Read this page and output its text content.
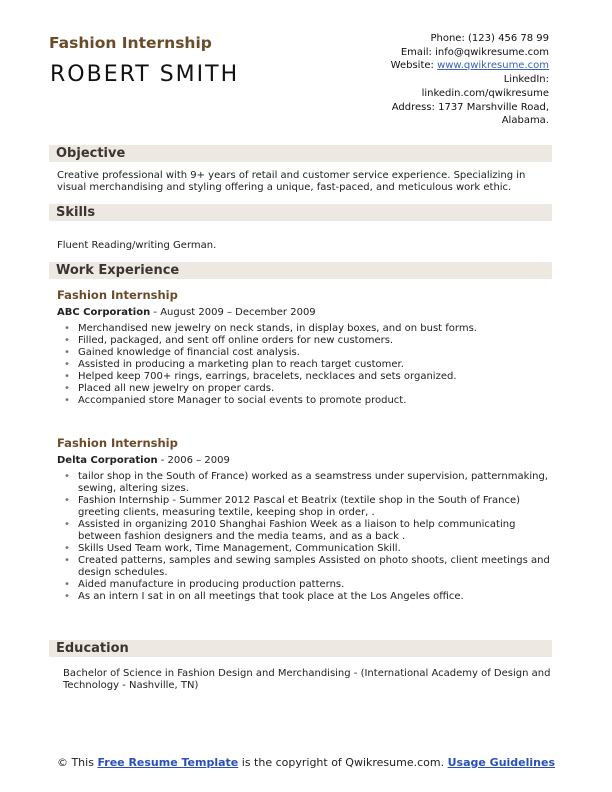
Fashion Internship
ROBERT SMITH
Phone: (123) 456 78 99
Email: info@qwikresume.com
Website: www.qwikresume.com
LinkedIn:
linkedin.com/qwikresume
Address: 1737 Marshville Road,
Alabama.
Objective
Creative professional with 9+ years of retail and customer service experience. Specializing in visual merchandising and styling offering a unique, fast-paced, and meticulous work ethic.
Skills
Fluent Reading/writing German.
Work Experience
Fashion Internship
ABC Corporation - August 2009 – December 2009
• Merchandised new jewelry on neck stands, in display boxes, and on bust forms.
• Filled, packaged, and sent off online orders for new customers.
• Gained knowledge of financial cost analysis.
• Assisted in producing a marketing plan to reach target customer.
• Helped keep 700+ rings, earrings, bracelets, necklaces and sets organized.
• Placed all new jewelry on proper cards.
• Accompanied store Manager to social events to promote product.
Fashion Internship
Delta Corporation - 2006 – 2009
• tailor shop in the South of France) worked as a seamstress under supervision, patternmaking, sewing, altering sizes.
• Fashion Internship - Summer 2012 Pascal et Beatrix (textile shop in the South of France) greeting clients, measuring textile, keeping shop in order, .
• Assisted in organizing 2010 Shanghai Fashion Week as a liaison to help communicating between fashion designers and the media teams, and as a back .
• Skills Used Team work, Time Management, Communication Skill.
• Created patterns, samples and sewing samples Assisted on photo shoots, client meetings and design schedules.
• Aided manufacture in producing production patterns.
• As an intern I sat in on all meetings that took place at the Los Angeles office.
Education
Bachelor of Science in Fashion Design and Merchandising - (International Academy of Design and Technology - Nashville, TN)
© This Free Resume Template is the copyright of Qwikresume.com. Usage Guidelines
